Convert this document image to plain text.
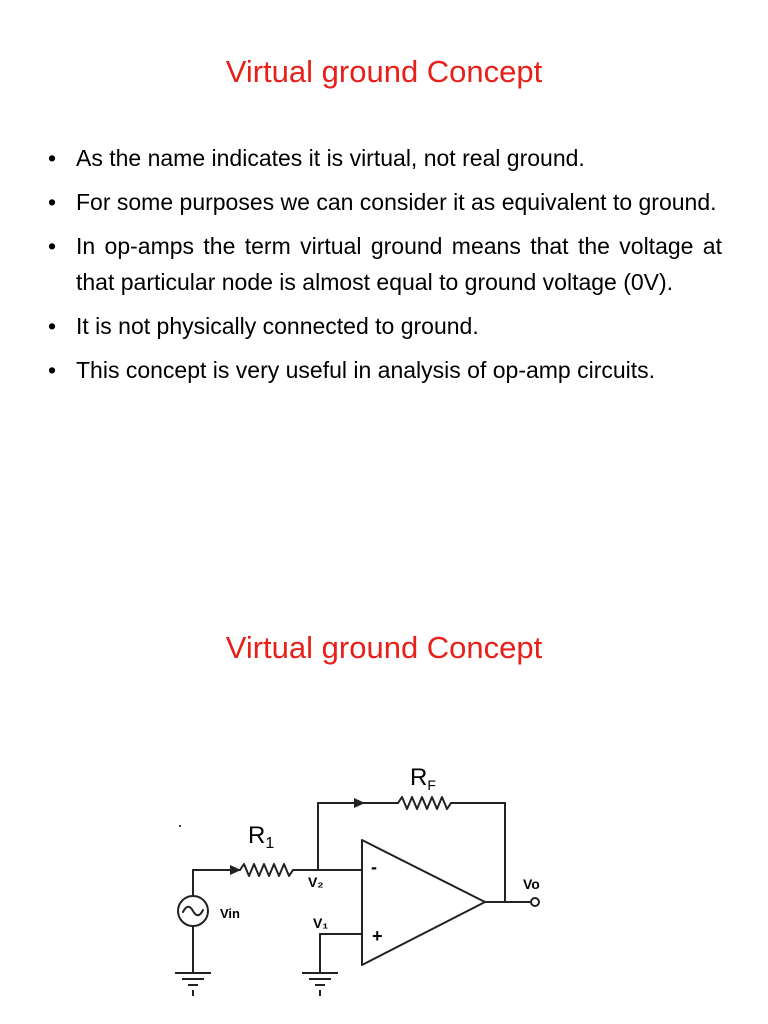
Virtual ground Concept
• As the name indicates it is virtual, not real ground.
• For some purposes we can consider it as equivalent to ground.
• In op-amps the term virtual ground means that the voltage at that particular node is almost equal to ground voltage (0V).
• It is not physically connected to ground.
• This concept is very useful in analysis of op-amp circuits.
Virtual ground Concept
$R_F$
$R_1$
V₂
V₁
Vin
Vo
-
+
